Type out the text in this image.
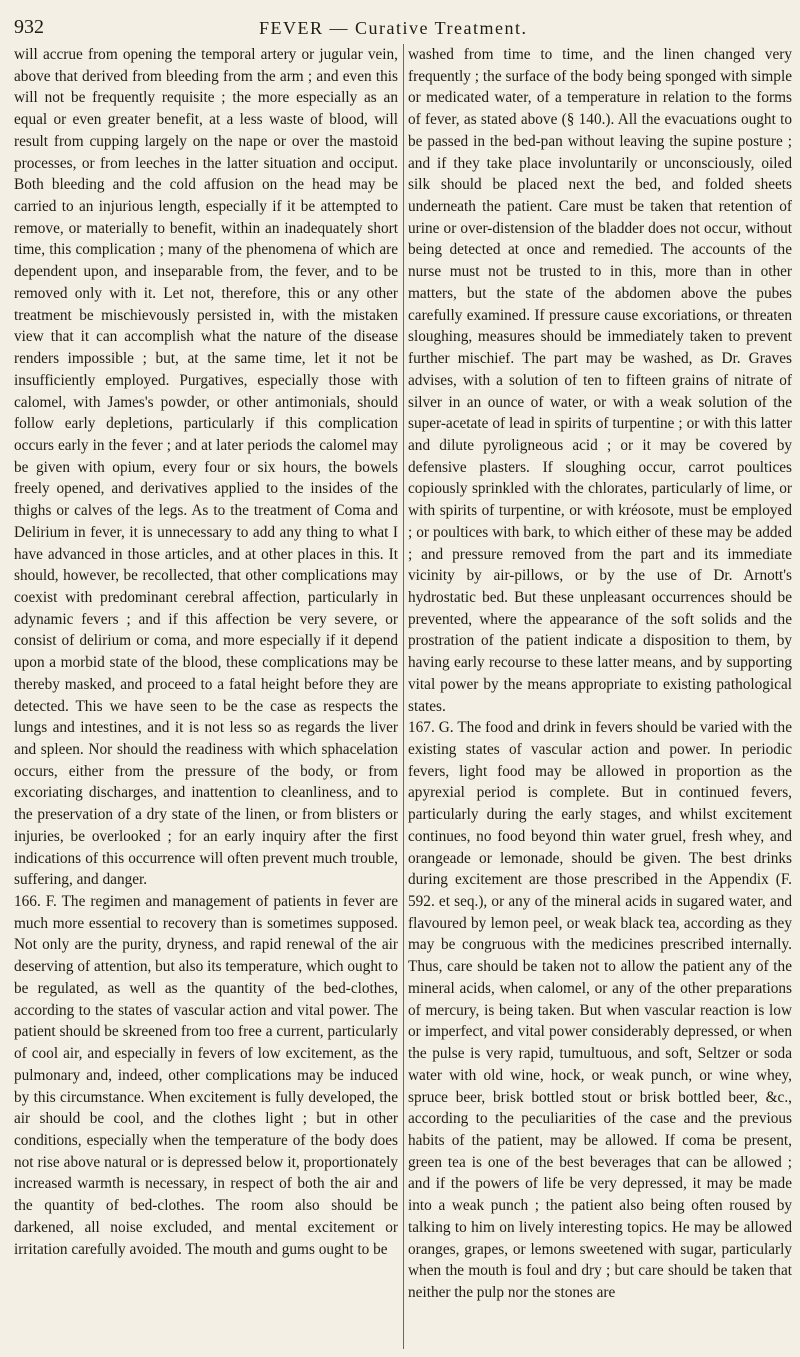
932	FEVER — Curative Treatment.

will accrue from opening the temporal artery or jugular vein, above that derived from bleeding from the arm ; and even this will not be frequently requisite ; the more especially as an equal or even greater benefit, at a less waste of blood, will result from cupping largely on the nape or over the mastoid processes, or from leeches in the latter situation and occiput. Both bleeding and the cold affusion on the head may be carried to an injurious length, especially if it be attempted to remove, or materially to benefit, within an inadequately short time, this complication ; many of the phenomena of which are dependent upon, and inseparable from, the fever, and to be removed only with it. Let not, therefore, this or any other treatment be mischievously persisted in, with the mistaken view that it can accomplish what the nature of the disease renders impossible ; but, at the same time, let it not be insufficiently employed. Purgatives, especially those with calomel, with James's powder, or other antimonials, should follow early depletions, particularly if this complication occurs early in the fever ; and at later periods the calomel may be given with opium, every four or six hours, the bowels freely opened, and derivatives applied to the insides of the thighs or calves of the legs. As to the treatment of Coma and Delirium in fever, it is unnecessary to add any thing to what I have advanced in those articles, and at other places in this. It should, however, be recollected, that other complications may coexist with predominant cerebral affection, particularly in adynamic fevers ; and if this affection be very severe, or consist of delirium or coma, and more especially if it depend upon a morbid state of the blood, these complications may be thereby masked, and proceed to a fatal height before they are detected. This we have seen to be the case as respects the lungs and intestines, and it is not less so as regards the liver and spleen. Nor should the readiness with which sphacelation occurs, either from the pressure of the body, or from excoriating discharges, and inattention to cleanliness, and to the preservation of a dry state of the linen, or from blisters or injuries, be overlooked ; for an early inquiry after the first indications of this occurrence will often prevent much trouble, suffering, and danger.

166. F. The regimen and management of patients in fever are much more essential to recovery than is sometimes supposed. Not only are the purity, dryness, and rapid renewal of the air deserving of attention, but also its temperature, which ought to be regulated, as well as the quantity of the bed-clothes, according to the states of vascular action and vital power. The patient should be skreened from too free a current, particularly of cool air, and especially in fevers of low excitement, as the pulmonary and, indeed, other complications may be induced by this circumstance. When excitement is fully developed, the air should be cool, and the clothes light ; but in other conditions, especially when the temperature of the body does not rise above natural or is depressed below it, proportionately increased warmth is necessary, in respect of both the air and the quantity of bed-clothes. The room also should be darkened, all noise excluded, and mental excitement or irritation carefully avoided. The mouth and gums ought to be

washed from time to time, and the linen changed very frequently ; the surface of the body being sponged with simple or medicated water, of a temperature in relation to the forms of fever, as stated above (§ 140.). All the evacuations ought to be passed in the bed-pan without leaving the supine posture ; and if they take place involuntarily or unconsciously, oiled silk should be placed next the bed, and folded sheets underneath the patient. Care must be taken that retention of urine or over-distension of the bladder does not occur, without being detected at once and remedied. The accounts of the nurse must not be trusted to in this, more than in other matters, but the state of the abdomen above the pubes carefully examined. If pressure cause excoriations, or threaten sloughing, measures should be immediately taken to prevent further mischief. The part may be washed, as Dr. Graves advises, with a solution of ten to fifteen grains of nitrate of silver in an ounce of water, or with a weak solution of the super-acetate of lead in spirits of turpentine ; or with this latter and dilute pyroligneous acid ; or it may be covered by defensive plasters. If sloughing occur, carrot poultices copiously sprinkled with the chlorates, particularly of lime, or with spirits of turpentine, or with kréosote, must be employed ; or poultices with bark, to which either of these may be added ; and pressure removed from the part and its immediate vicinity by air-pillows, or by the use of Dr. Arnott's hydrostatic bed. But these unpleasant occurrences should be prevented, where the appearance of the soft solids and the prostration of the patient indicate a disposition to them, by having early recourse to these latter means, and by supporting vital power by the means appropriate to existing pathological states.

167. G. The food and drink in fevers should be varied with the existing states of vascular action and power. In periodic fevers, light food may be allowed in proportion as the apyrexial period is complete. But in continued fevers, particularly during the early stages, and whilst excitement continues, no food beyond thin water gruel, fresh whey, and orangeade or lemonade, should be given. The best drinks during excitement are those prescribed in the Appendix (F. 592. et seq.), or any of the mineral acids in sugared water, and flavoured by lemon peel, or weak black tea, according as they may be congruous with the medicines prescribed internally. Thus, care should be taken not to allow the patient any of the mineral acids, when calomel, or any of the other preparations of mercury, is being taken. But when vascular reaction is low or imperfect, and vital power considerably depressed, or when the pulse is very rapid, tumultuous, and soft, Seltzer or soda water with old wine, hock, or weak punch, or wine whey, spruce beer, brisk bottled stout or brisk bottled beer, &c., according to the peculiarities of the case and the previous habits of the patient, may be allowed. If coma be present, green tea is one of the best beverages that can be allowed ; and if the powers of life be very depressed, it may be made into a weak punch ; the patient also being often roused by talking to him on lively interesting topics. He may be allowed oranges, grapes, or lemons sweetened with sugar, particularly when the mouth is foul and dry ; but care should be taken that neither the pulp nor the stones are
